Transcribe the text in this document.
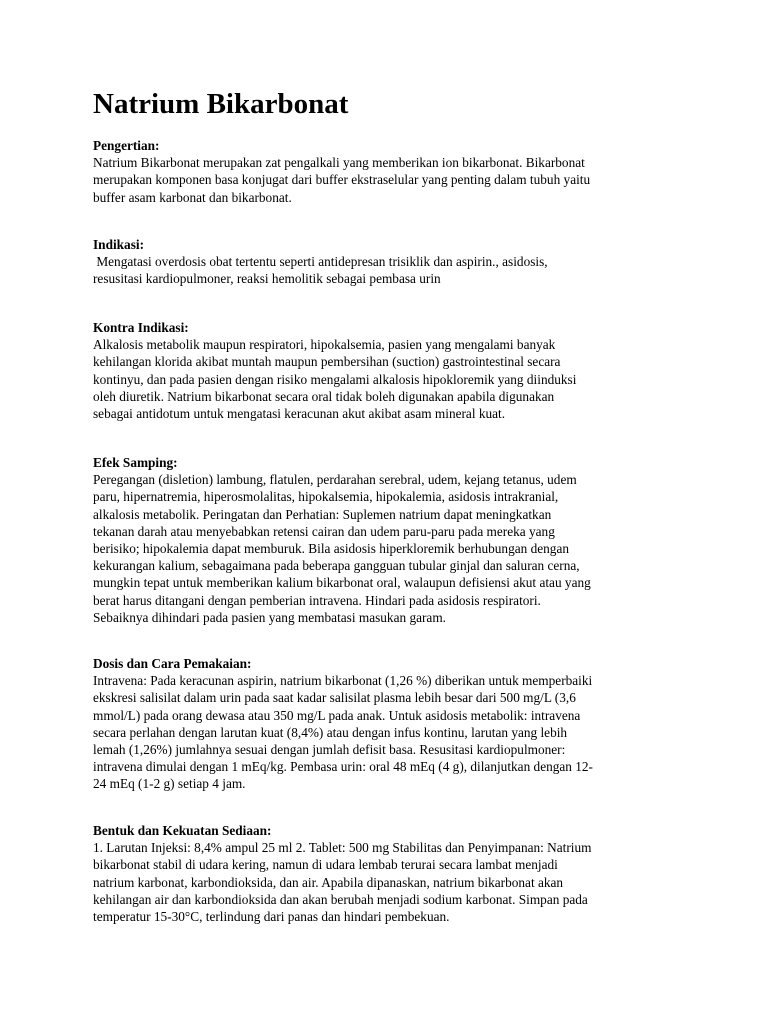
Natrium Bikarbonat
Pengertian:
Natrium Bikarbonat merupakan zat pengalkali yang memberikan ion bikarbonat. Bikarbonat
merupakan komponen basa konjugat dari buffer ekstraselular yang penting dalam tubuh yaitu
buffer asam karbonat dan bikarbonat.
Indikasi:
Mengatasi overdosis obat tertentu seperti antidepresan trisiklik dan aspirin., asidosis,
resusitasi kardiopulmoner, reaksi hemolitik sebagai pembasa urin
Kontra Indikasi:
Alkalosis metabolik maupun respiratori, hipokalsemia, pasien yang mengalami banyak
kehilangan klorida akibat muntah maupun pembersihan (suction) gastrointestinal secara
kontinyu, dan pada pasien dengan risiko mengalami alkalosis hipokloremik yang diinduksi
oleh diuretik. Natrium bikarbonat secara oral tidak boleh digunakan apabila digunakan
sebagai antidotum untuk mengatasi keracunan akut akibat asam mineral kuat.
Efek Samping:
Peregangan (disletion) lambung, flatulen, perdarahan serebral, udem, kejang tetanus, udem
paru, hipernatremia, hiperosmolalitas, hipokalsemia, hipokalemia, asidosis intrakranial,
alkalosis metabolik. Peringatan dan Perhatian: Suplemen natrium dapat meningkatkan
tekanan darah atau menyebabkan retensi cairan dan udem paru-paru pada mereka yang
berisiko; hipokalemia dapat memburuk. Bila asidosis hiperkloremik berhubungan dengan
kekurangan kalium, sebagaimana pada beberapa gangguan tubular ginjal dan saluran cerna,
mungkin tepat untuk memberikan kalium bikarbonat oral, walaupun defisiensi akut atau yang
berat harus ditangani dengan pemberian intravena. Hindari pada asidosis respiratori.
Sebaiknya dihindari pada pasien yang membatasi masukan garam.
Dosis dan Cara Pemakaian:
Intravena: Pada keracunan aspirin, natrium bikarbonat (1,26 %) diberikan untuk memperbaiki
ekskresi salisilat dalam urin pada saat kadar salisilat plasma lebih besar dari 500 mg/L (3,6
mmol/L) pada orang dewasa atau 350 mg/L pada anak. Untuk asidosis metabolik: intravena
secara perlahan dengan larutan kuat (8,4%) atau dengan infus kontinu, larutan yang lebih
lemah (1,26%) jumlahnya sesuai dengan jumlah defisit basa. Resusitasi kardiopulmoner:
intravena dimulai dengan 1 mEq/kg. Pembasa urin: oral 48 mEq (4 g), dilanjutkan dengan 12-
24 mEq (1-2 g) setiap 4 jam.
Bentuk dan Kekuatan Sediaan:
1. Larutan Injeksi: 8,4% ampul 25 ml 2. Tablet: 500 mg Stabilitas dan Penyimpanan: Natrium
bikarbonat stabil di udara kering, namun di udara lembab terurai secara lambat menjadi
natrium karbonat, karbondioksida, dan air. Apabila dipanaskan, natrium bikarbonat akan
kehilangan air dan karbondioksida dan akan berubah menjadi sodium karbonat. Simpan pada
temperatur 15-30°C, terlindung dari panas dan hindari pembekuan.
